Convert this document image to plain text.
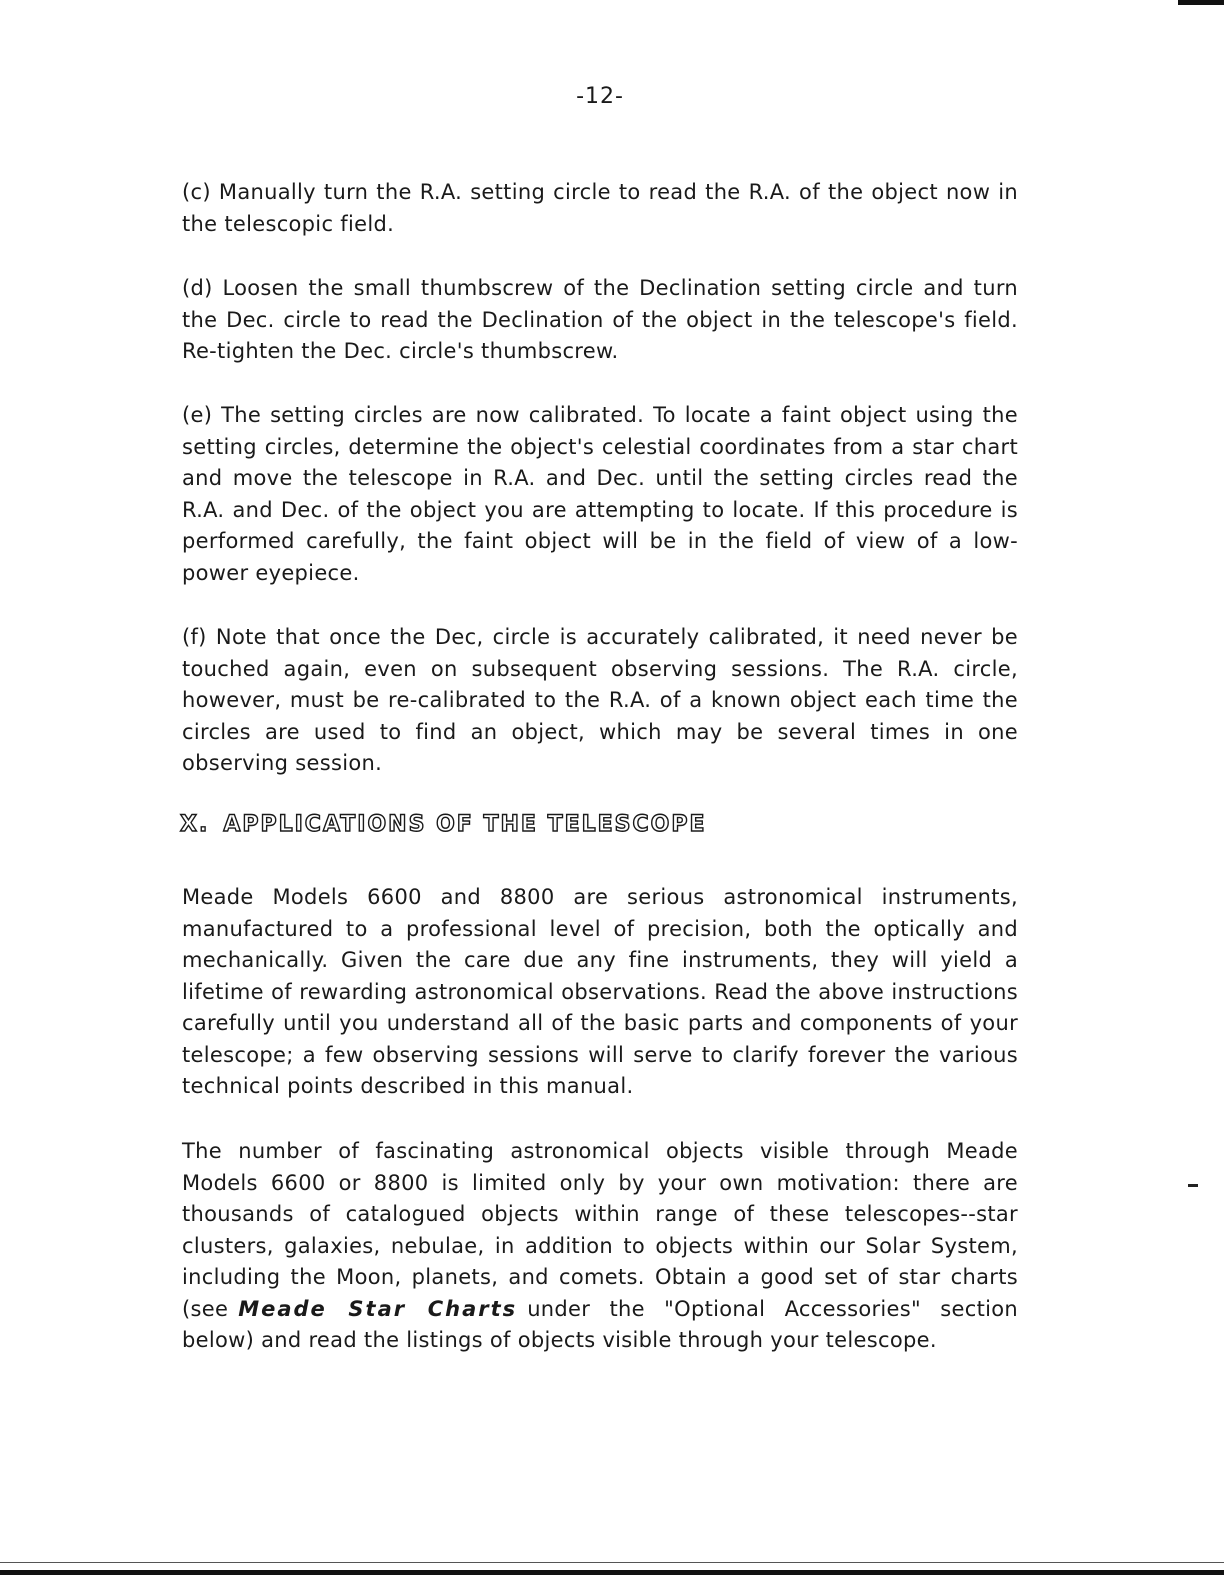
-12-

(c) Manually turn the R.A. setting circle to read the R.A. of the object now in the telescopic field.

(d) Loosen the small thumbscrew of the Declination setting circle and turn the Dec. circle to read the Declination of the object in the telescope's field. Re-tighten the Dec. circle's thumbscrew.

(e) The setting circles are now calibrated. To locate a faint object using the setting circles, determine the object's celestial coordinates from a star chart and move the telescope in R.A. and Dec. until the setting circles read the R.A. and Dec. of the object you are attempting to locate. If this procedure is performed carefully, the faint object will be in the field of view of a low-power eyepiece.

(f) Note that once the Dec, circle is accurately calibrated, it need never be touched again, even on subsequent observing sessions. The R.A. circle, however, must be re-calibrated to the R.A. of a known object each time the circles are used to find an object, which may be several times in one observing session.

X. APPLICATIONS OF THE TELESCOPE

Meade Models 6600 and 8800 are serious astronomical instruments, manufactured to a professional level of precision, both the optically and mechanically. Given the care due any fine instruments, they will yield a lifetime of rewarding astronomical observations. Read the above instructions carefully until you understand all of the basic parts and components of your telescope; a few observing sessions will serve to clarify forever the various technical points described in this manual.

The number of fascinating astronomical objects visible through Meade Models 6600 or 8800 is limited only by your own motivation: there are thousands of catalogued objects within range of these telescopes--star clusters, galaxies, nebulae, in addition to objects within our Solar System, including the Moon, planets, and comets. Obtain a good set of star charts (see Meade Star Charts under the "Optional Accessories" section below) and read the listings of objects visible through your telescope.
